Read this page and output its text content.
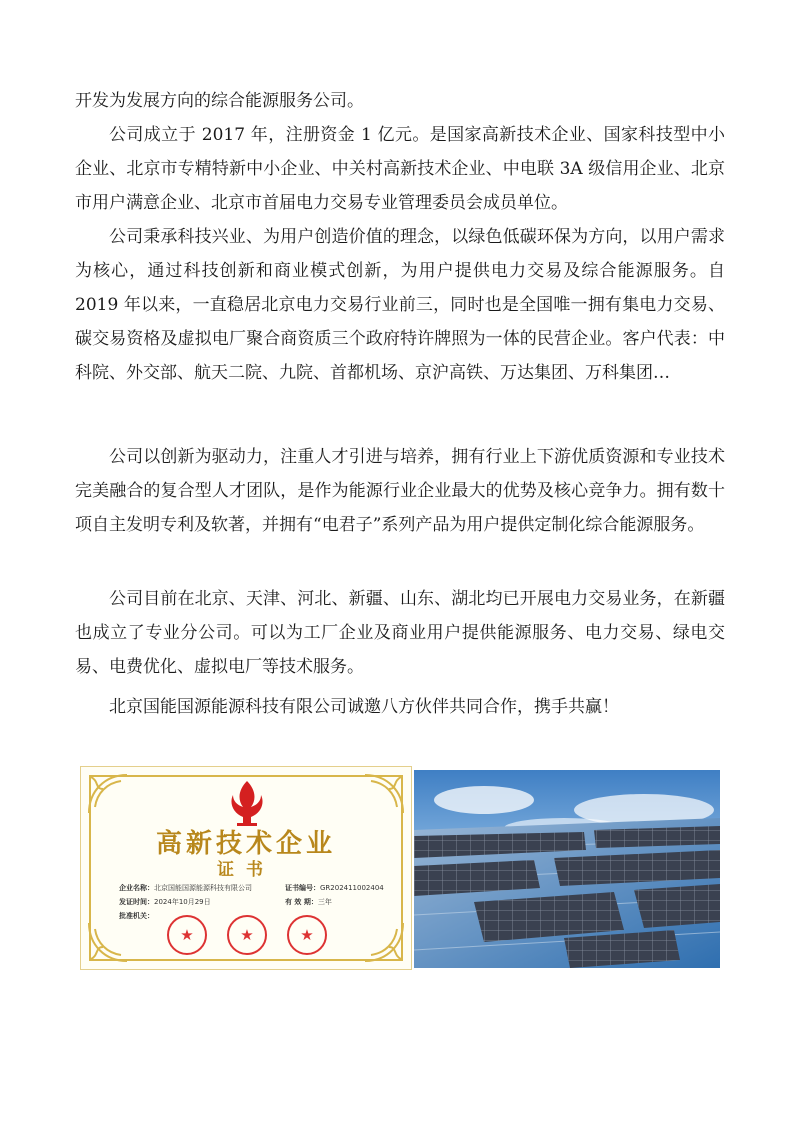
开发为发展方向的综合能源服务公司。

公司成立于 2017 年，注册资金 1 亿元。是国家高新技术企业、国家科技型中小企业、北京市专精特新中小企业、中关村高新技术企业、中电联 3A 级信用企业、北京市用户满意企业、北京市首届电力交易专业管理委员会成员单位。

公司秉承科技兴业、为用户创造价值的理念，以绿色低碳环保为方向，以用户需求为核心，通过科技创新和商业模式创新，为用户提供电力交易及综合能源服务。自 2019 年以来，一直稳居北京电力交易行业前三，同时也是全国唯一拥有集电力交易、碳交易资格及虚拟电厂聚合商资质三个政府特许牌照为一体的民营企业。客户代表：中科院、外交部、航天二院、九院、首都机场、京沪高铁、万达集团、万科集团…

公司以创新为驱动力，注重人才引进与培养，拥有行业上下游优质资源和专业技术完美融合的复合型人才团队，是作为能源行业企业最大的优势及核心竞争力。拥有数十项自主发明专利及软著，并拥有“电君子”系列产品为用户提供定制化综合能源服务。

公司目前在北京、天津、河北、新疆、山东、湖北均已开展电力交易业务，在新疆也成立了专业分公司。可以为工厂企业及商业用户提供能源服务、电力交易、绿电交易、电费优化、虚拟电厂等技术服务。

北京国能国源能源科技有限公司诚邀八方伙伴共同合作，携手共赢！

高新技术企业
证书
企业名称：北京国能国源能源科技有限公司	证书编号：GR202411002404
发证时间：2024年10月29日	有 效 期：三年
批准机关：
★
★
★
